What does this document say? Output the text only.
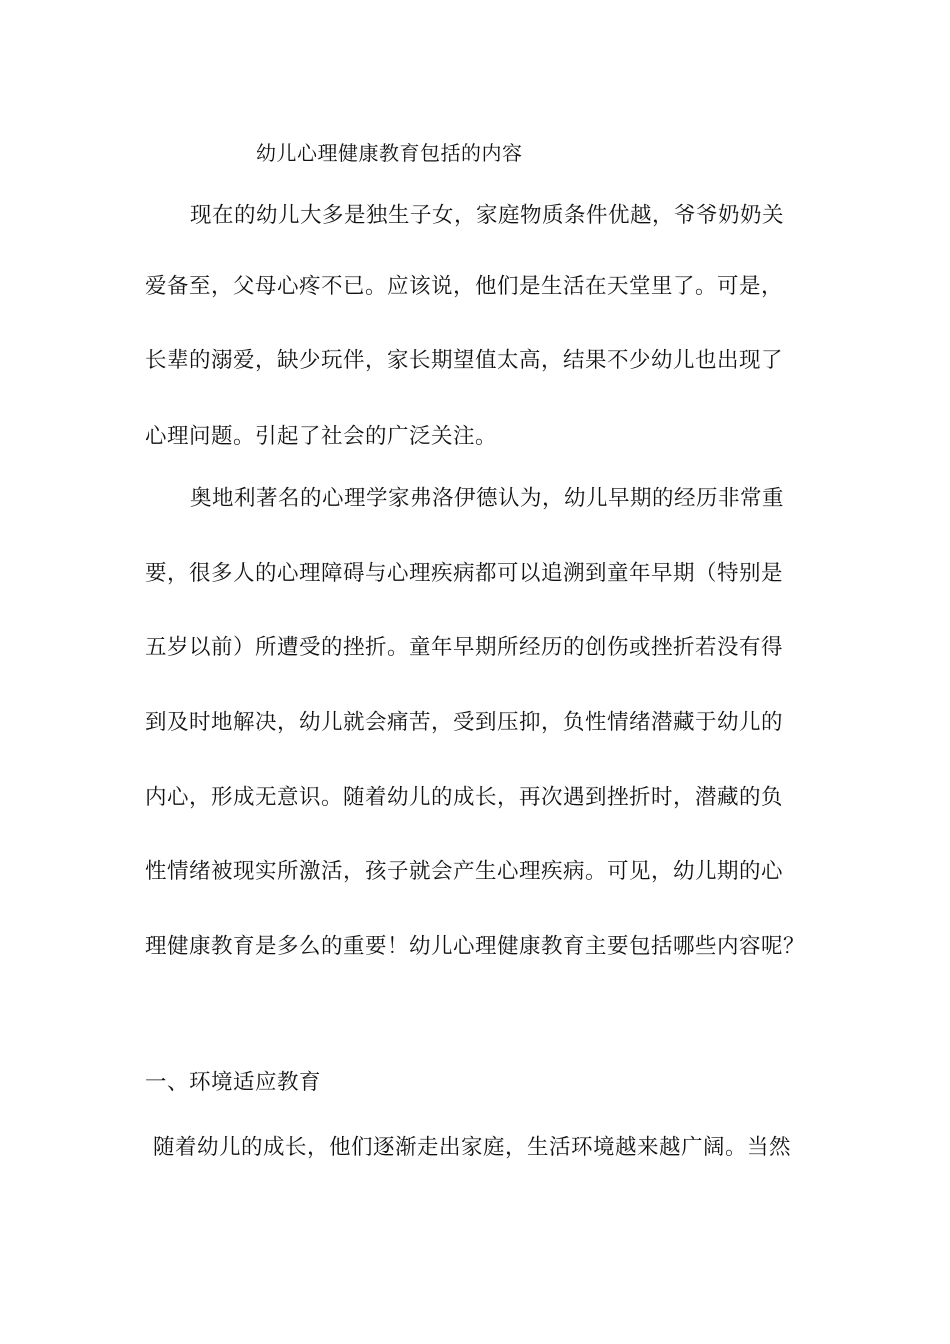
幼儿心理健康教育包括的内容
现在的幼儿大多是独生子女，家庭物质条件优越，爷爷奶奶关
爱备至，父母心疼不已。应该说，他们是生活在天堂里了。可是，
长辈的溺爱，缺少玩伴，家长期望值太高，结果不少幼儿也出现了
心理问题。引起了社会的广泛关注。
奥地利著名的心理学家弗洛伊德认为，幼儿早期的经历非常重
要，很多人的心理障碍与心理疾病都可以追溯到童年早期（特别是
五岁以前）所遭受的挫折。童年早期所经历的创伤或挫折若没有得
到及时地解决，幼儿就会痛苦，受到压抑，负性情绪潜藏于幼儿的
内心，形成无意识。随着幼儿的成长，再次遇到挫折时，潜藏的负
性情绪被现实所激活，孩子就会产生心理疾病。可见，幼儿期的心
理健康教育是多么的重要！幼儿心理健康教育主要包括哪些内容呢？
一、环境适应教育
随着幼儿的成长，他们逐渐走出家庭，生活环境越来越广阔。当然
